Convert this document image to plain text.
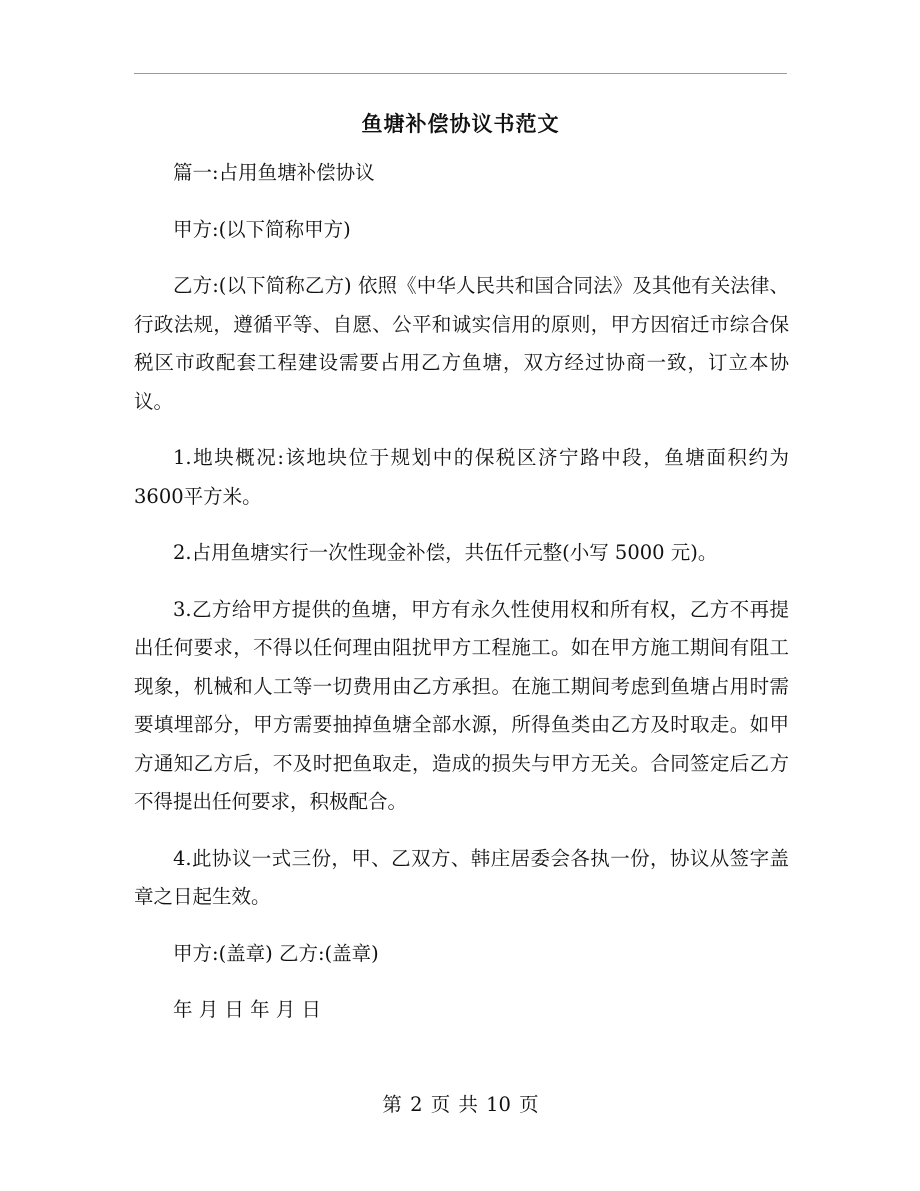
鱼塘补偿协议书范文

篇一:占用鱼塘补偿协议

甲方:(以下简称甲方)

乙方:(以下简称乙方) 依照《中华人民共和国合同法》及其他有关法律、行政法规，遵循平等、自愿、公平和诚实信用的原则，甲方因宿迁市综合保税区市政配套工程建设需要占用乙方鱼塘，双方经过协商一致，订立本协议。

1.地块概况:该地块位于规划中的保税区济宁路中段，鱼塘面积约为3600平方米。

2.占用鱼塘实行一次性现金补偿，共伍仟元整(小写 5000 元)。

3.乙方给甲方提供的鱼塘，甲方有永久性使用权和所有权，乙方不再提出任何要求，不得以任何理由阻扰甲方工程施工。如在甲方施工期间有阻工现象，机械和人工等一切费用由乙方承担。在施工期间考虑到鱼塘占用时需要填埋部分，甲方需要抽掉鱼塘全部水源，所得鱼类由乙方及时取走。如甲方通知乙方后，不及时把鱼取走，造成的损失与甲方无关。合同签定后乙方不得提出任何要求，积极配合。

4.此协议一式三份，甲、乙双方、韩庄居委会各执一份，协议从签字盖章之日起生效。

甲方:(盖章) 乙方:(盖章)

年 月 日 年 月 日

第 2 页 共 10 页
